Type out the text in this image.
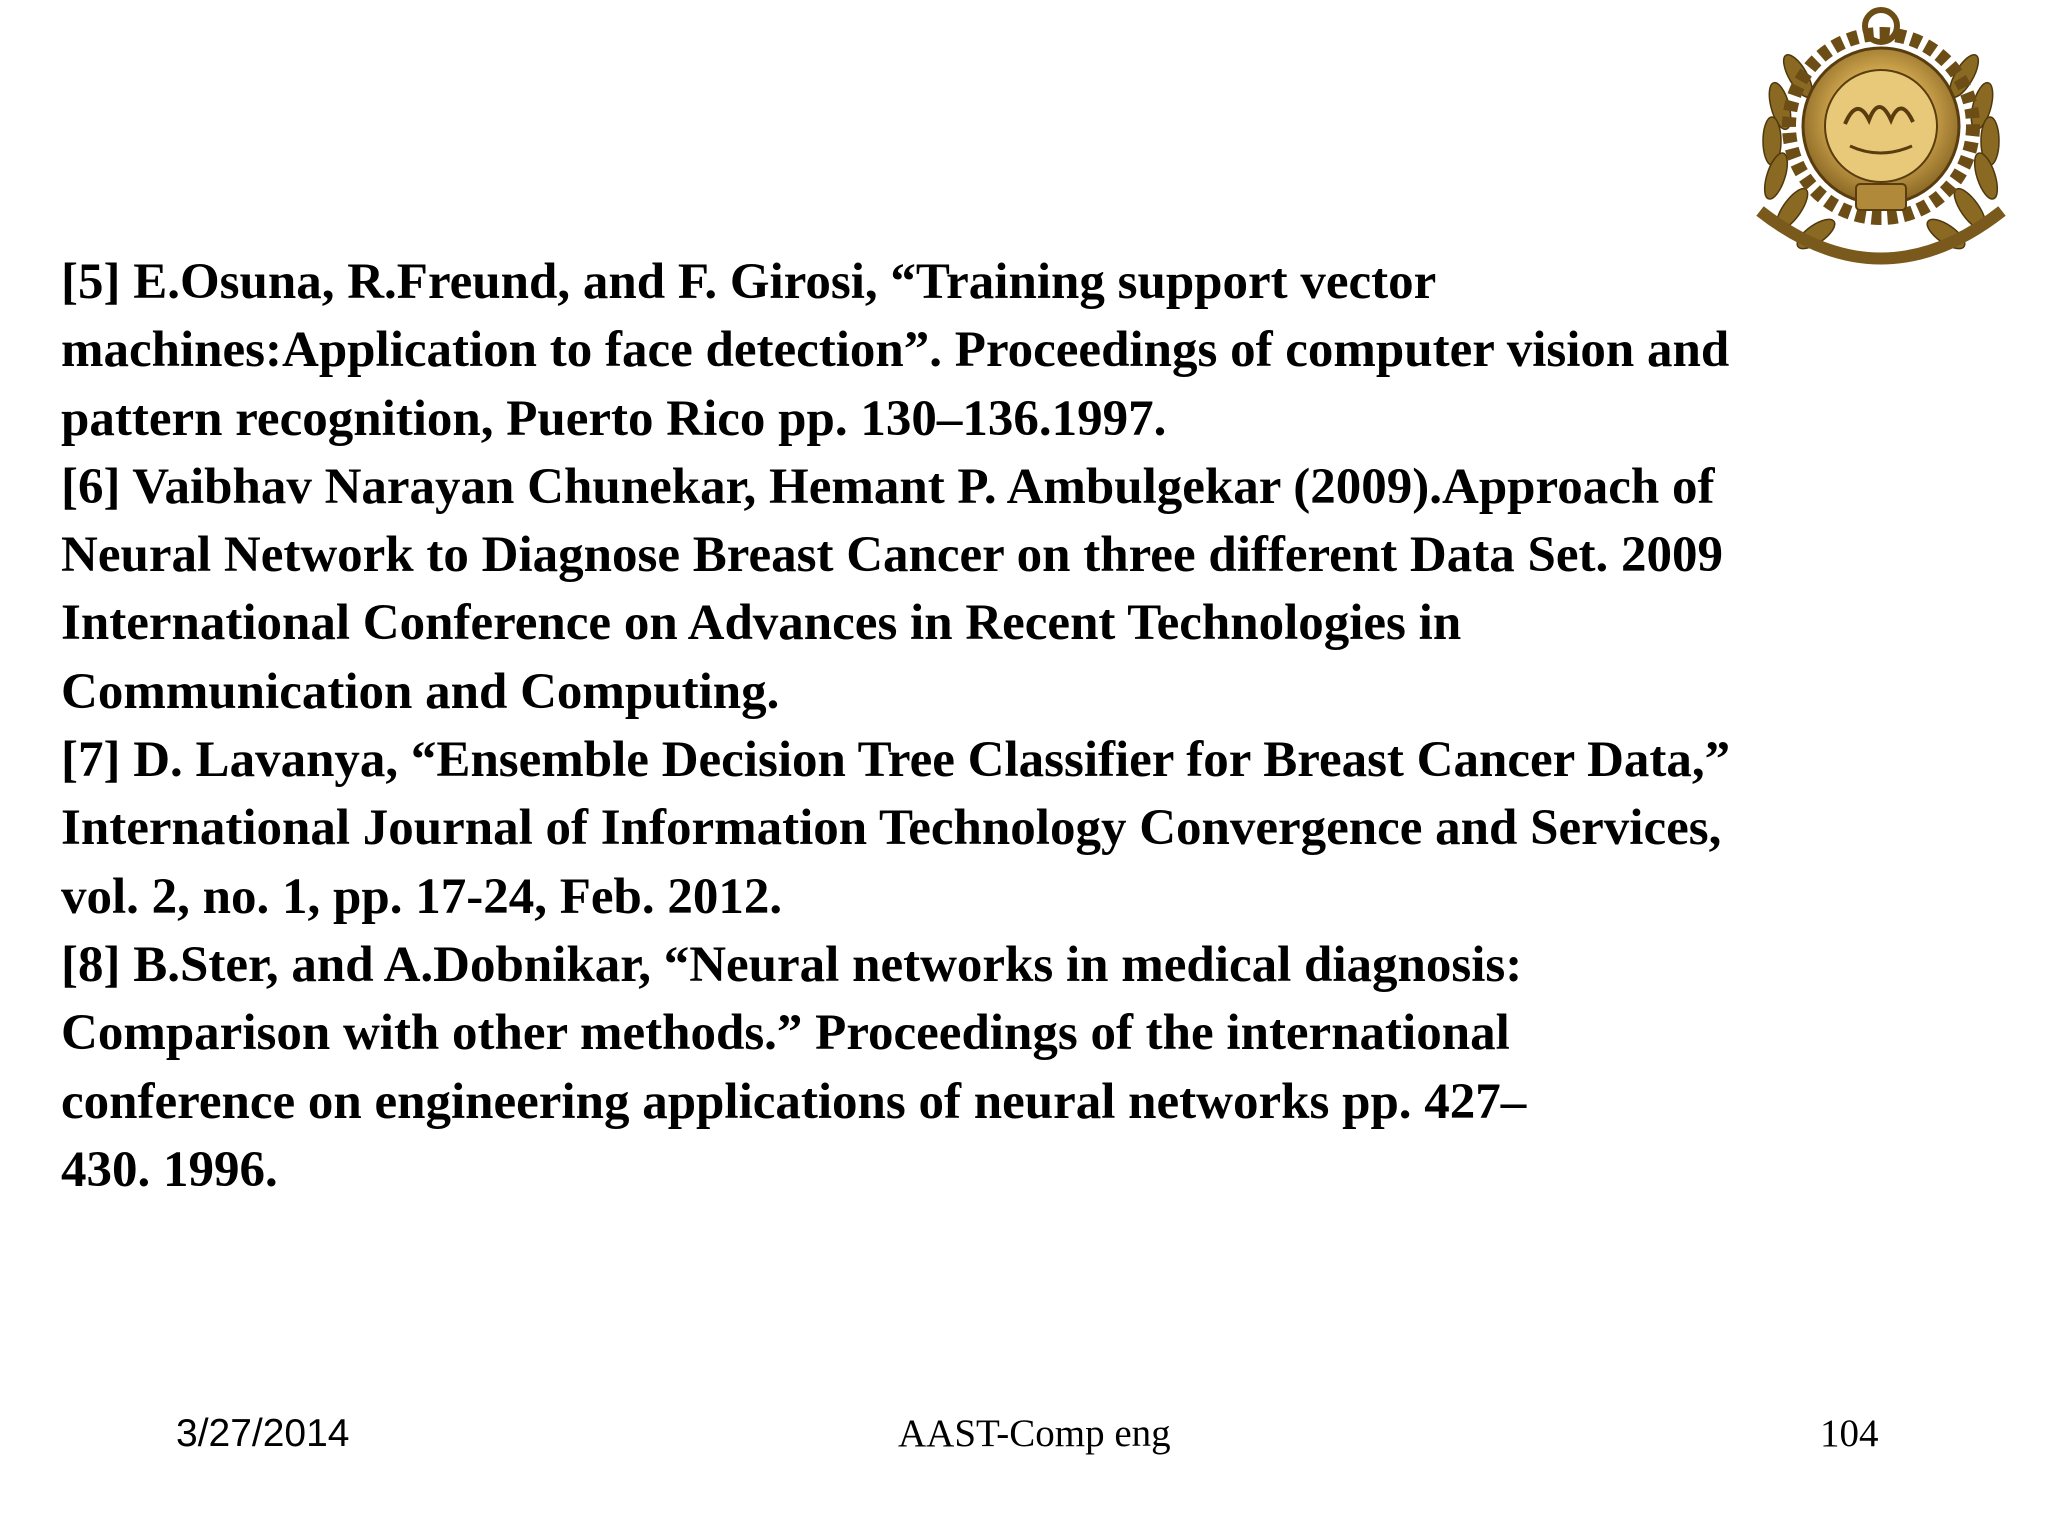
[5] E.Osuna, R.Freund, and F. Girosi, “Training support vector
machines:Application to face detection”. Proceedings of computer vision and
pattern recognition, Puerto Rico pp. 130–136.1997.
[6] Vaibhav Narayan Chunekar, Hemant P. Ambulgekar (2009).Approach of
Neural Network to Diagnose Breast Cancer on three different Data Set. 2009
International Conference on Advances in Recent Technologies in
Communication and Computing.
[7] D. Lavanya, “Ensemble Decision Tree Classifier for Breast Cancer Data,”
International Journal of Information Technology Convergence and Services,
vol. 2, no. 1, pp. 17-24, Feb. 2012.
[8] B.Ster, and A.Dobnikar, “Neural networks in medical diagnosis:
Comparison with other methods.” Proceedings of the international
conference on engineering applications of neural networks pp. 427–
430. 1996.
3/27/2014	AAST-Comp eng	104
